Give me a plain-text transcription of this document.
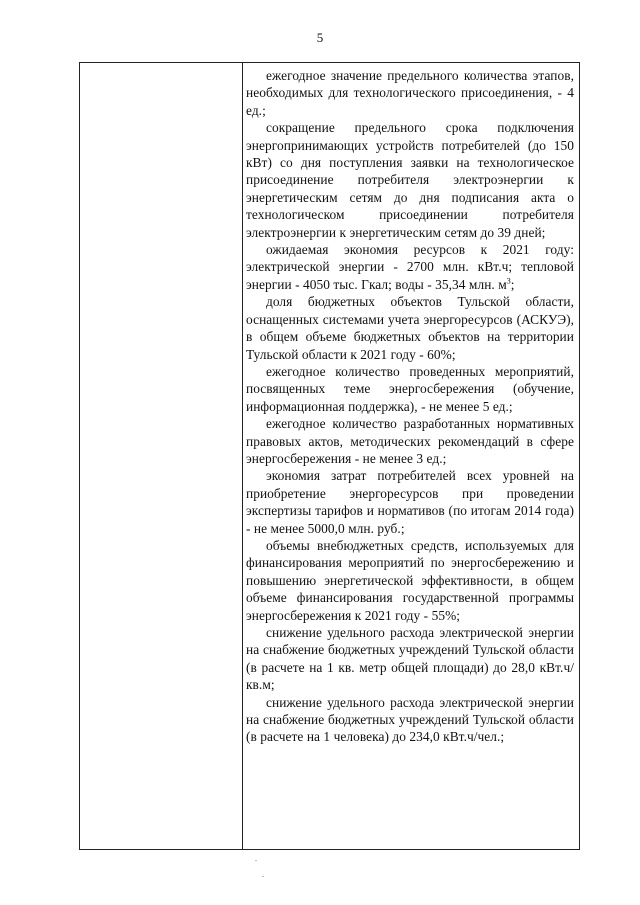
5

ежегодное значение предельного количества этапов, необходимых для технологического присоединения, - 4 ед.;

сокращение предельного срока подключения энергопринимающих устройств потребителей (до 150 кВт) со дня поступления заявки на технологическое присоединение потребителя электроэнергии к энергетическим сетям до дня подписания акта о технологическом присоединении потребителя электроэнергии к энергетическим сетям до 39 дней;

ожидаемая экономия ресурсов к 2021 году: электрической энергии - 2700 млн. кВт.ч; тепловой энергии - 4050 тыс. Гкал; воды - 35,34 млн. $м^3$;

доля бюджетных объектов Тульской области, оснащенных системами учета энергоресурсов (АСКУЭ), в общем объеме бюджетных объектов на территории Тульской области к 2021 году - 60%;

ежегодное количество проведенных мероприятий, посвященных теме энергосбережения (обучение, информационная поддержка), - не менее 5 ед.;

ежегодное количество разработанных нормативных правовых актов, методических рекомендаций в сфере энергосбережения - не менее 3 ед.;

экономия затрат потребителей всех уровней на приобретение энергоресурсов при проведении экспертизы тарифов и нормативов (по итогам 2014 года) - не менее 5000,0 млн. руб.;

объемы внебюджетных средств, используемых для финансирования мероприятий по энергосбережению и повышению энергетической эффективности, в общем объеме финансирования государственной программы энергосбережения к 2021 году - 55%;

снижение удельного расхода электрической энергии на снабжение бюджетных учреждений Тульской области (в расчете на 1 кв. метр общей площади) до 28,0 кВт.ч/кв.м;

снижение удельного расхода электрической энергии на снабжение бюджетных учреждений Тульской области (в расчете на 1 человека) до 234,0 кВт.ч/чел.;
